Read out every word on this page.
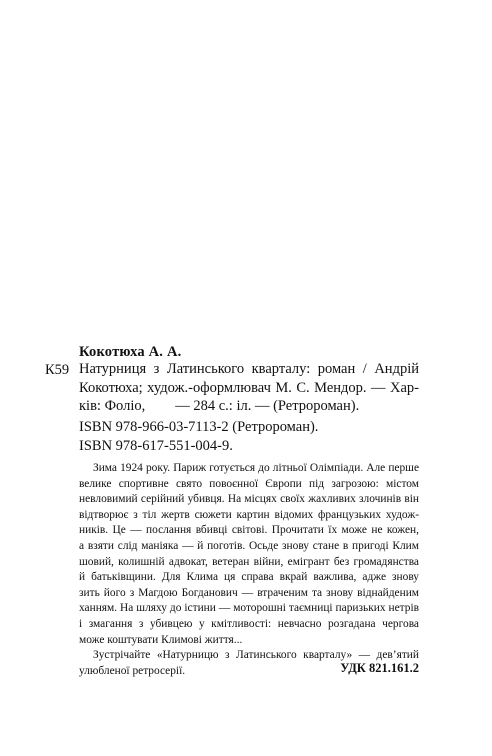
Кокотюха А. А.
К59 Натурниця з Латинського кварталу: роман / Андрій
Кокотюха; худож.-оформлювач М. С. Мендор. — Хар-
ків: Фоліо, — 284 с.: іл. — (Ретророман).
ISBN 978-966-03-7113-2 (Ретророман).
ISBN 978-617-551-004-9.
Зима 1924 року. Париж готується до літньої Олімпіади. Але перше
велике спортивне свято повоєнної Європи під загрозою: містом
невловимий серійний убивця. На місцях своїх жахливих злочинів він
відтворює з тіл жертв сюжети картин відомих французьких худож-
ників. Це — послання вбивці світові. Прочитати їх може не кожен,
а взяти слід маніяка — й поготів. Осьде знову стане в пригоді Клим
шовий, колишній адвокат, ветеран війни, емігрант без громадянства
й батьківщини. Для Клима ця справа вкрай важлива, адже знову
зить його з Магдою Богданович — втраченим та знову віднайденим
ханням. На шляху до істини — моторошні таємниці паризьких нетрів
і змагання з убивцею у кмітливості: невчасно розгадана чергова
може коштувати Климові життя...
Зустрічайте «Натурницю з Латинського кварталу» — дев’ятий
улюбленої ретросерії.	УДК 821.161.2
